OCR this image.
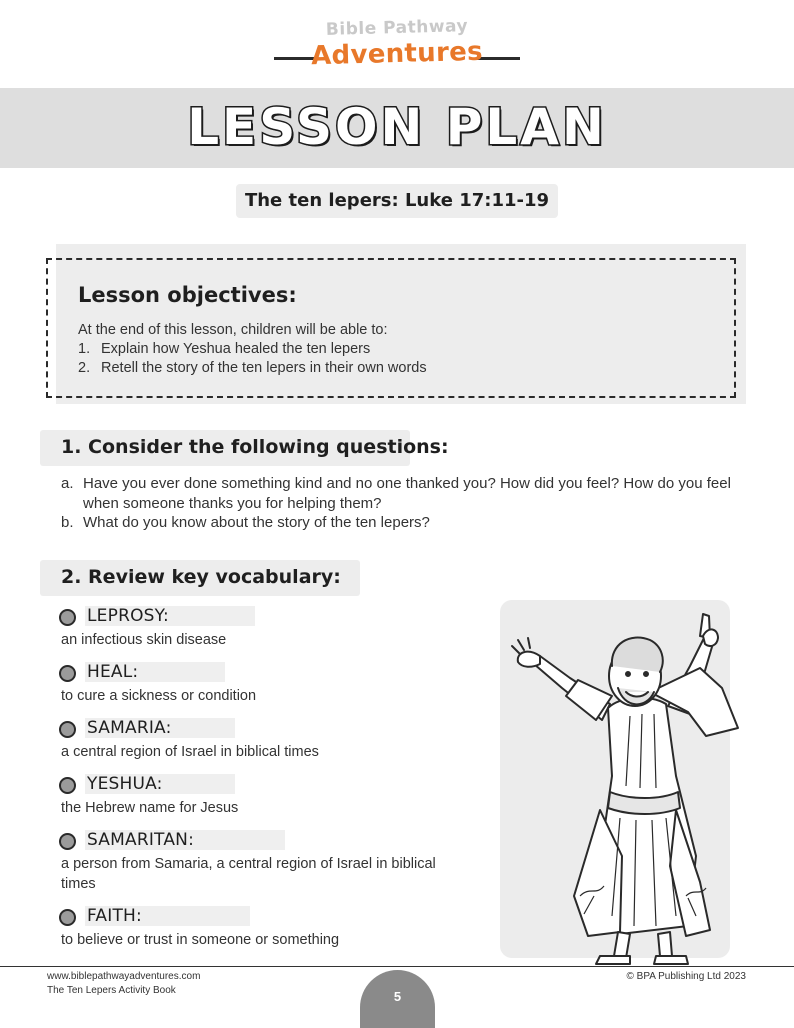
Bible Pathway
Adventures
LESSON PLAN
The ten lepers: Luke 17:11-19
Lesson objectives:
At the end of this lesson, children will be able to:
1. Explain how Yeshua healed the ten lepers
2. Retell the story of the ten lepers in their own words
1. Consider the following questions:
a. Have you ever done something kind and no one thanked you? How did you feel? How do you feel when someone thanks you for helping them?
b. What do you know about the story of the ten lepers?
2. Review key vocabulary:
LEPROSY:
an infectious skin disease
HEAL:
to cure a sickness or condition
SAMARIA:
a central region of Israel in biblical times
YESHUA:
the Hebrew name for Jesus
SAMARITAN:
a person from Samaria, a central region of Israel in biblical times
FAITH:
to believe or trust in someone or something
www.biblepathwayadventures.com
The Ten Lepers Activity Book
© BPA Publishing Ltd 2023
5
